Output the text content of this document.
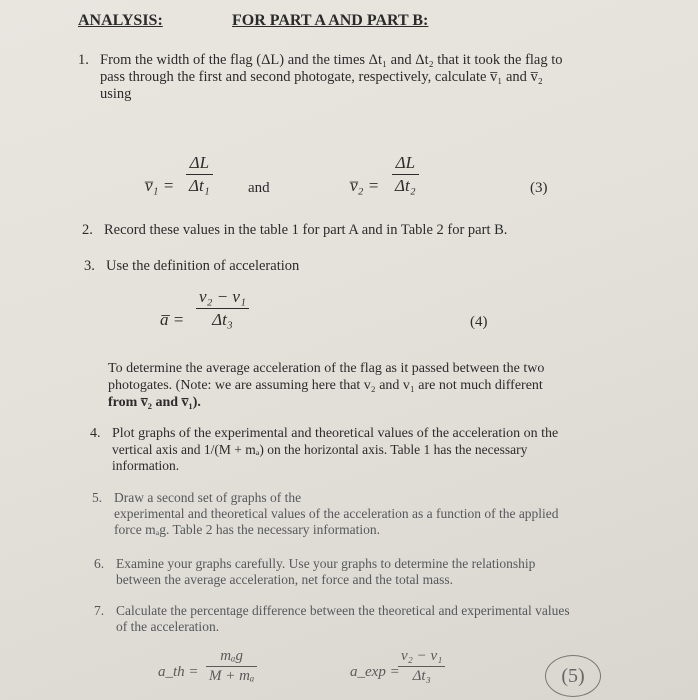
ANALYSIS:	FOR PART A AND PART B:
1. From the width of the flag (ΔL) and the times Δt₁ and Δt₂ that it took the flag to
pass through the first and second photogate, respectively, calculate v̅₁ and v̅₂
using
v̅₁ =
ΔL
Δt₁	and	v̅₂ =
ΔL
Δt₂	(3)
2. Record these values in the table 1 for part A and in Table 2 for part B.
3. Use the definition of acceleration
a̅ =
v₂ − v₁
Δt₃	(4)
To determine the average acceleration of the flag as it passed between the two
photogates. (Note: we are assuming here that v₂ and v₁ are not much different
from v̅₂ and v̅₁).
4. Plot graphs of the experimental and theoretical values of the acceleration on the
vertical axis and 1/(M + mₐ) on the horizontal axis. Table 1 has the necessary
information.
5. Draw a second set of graphs of the
experimental and theoretical values of the acceleration as a function of the applied
force mₐg. Table 2 has the necessary information.
6. Examine your graphs carefully. Use your graphs to determine the relationship
between the average acceleration, net force and the total mass.
7. Calculate the percentage difference between the theoretical and experimental values
of the acceleration.
a_th =
mₐg
M + mₐ	a_exp =
v₂ − v₁
Δt₃	(5)
